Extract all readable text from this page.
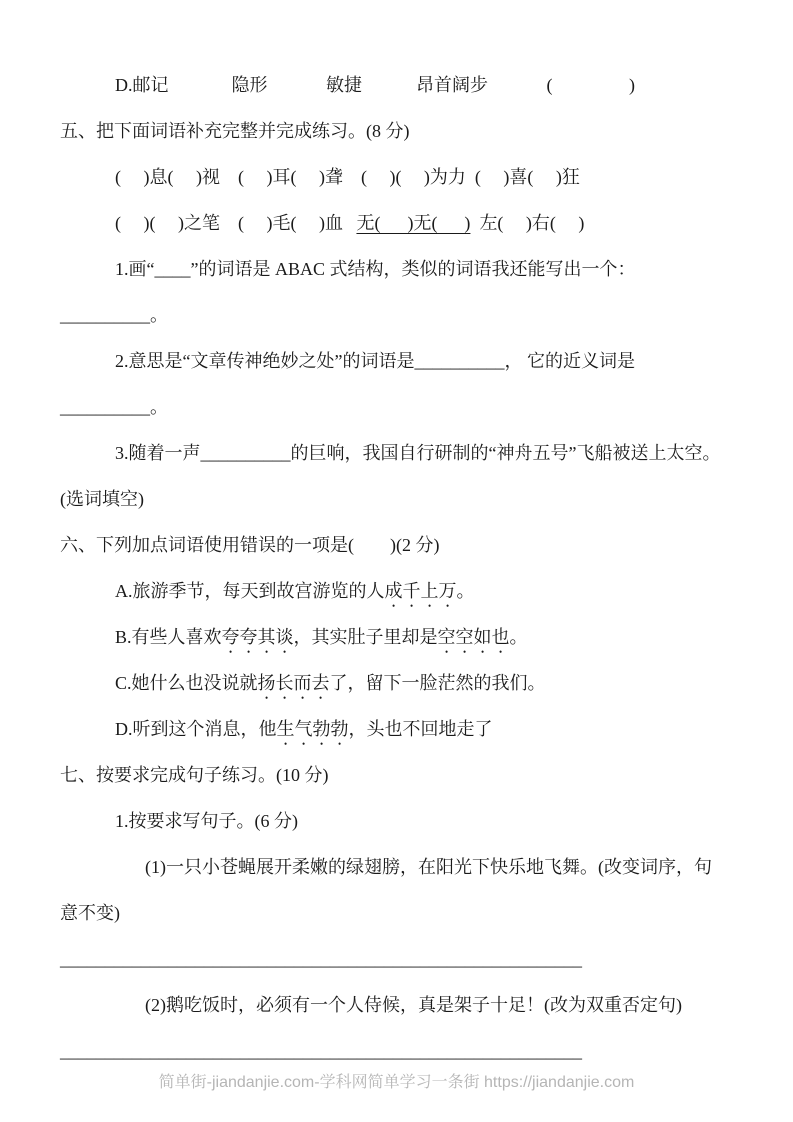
D.邮记              隐形             敏捷            昂首阔步             (                 )
五、把下面词语补充完整并完成练习。(8 分)
(     )息(     )视    (     )耳(     )聋    (     )(     )为力  (     )喜(     )狂
(     )(     )之笔    (     )毛(     )血   无(      )无(      )  左(     )右(     )
1.画“____”的词语是 ABAC 式结构，类似的词语我还能写出一个：
__________。
2.意思是“文章传神绝妙之处”的词语是__________， 它的近义词是
__________。
3.随着一声__________的巨响，我国自行研制的“神舟五号”飞船被送上太空。
(选词填空)
六、下列加点词语使用错误的一项是(        )(2 分)
A.旅游季节，每天到故宫游览的人成千上万。
B.有些人喜欢夸夸其谈，其实肚子里却是空空如也。
C.她什么也没说就扬长而去了，留下一脸茫然的我们。
D.听到这个消息，他生气勃勃，头也不回地走了
七、按要求完成句子练习。(10 分)
1.按要求写句子。(6 分)
(1)一只小苍蝇展开柔嫩的绿翅膀，在阳光下快乐地飞舞。(改变词序，句
意不变)
__________________________________________________________
(2)鹅吃饭时，必须有一个人侍候，真是架子十足！(改为双重否定句)
__________________________________________________________
简单街-jiandanjie.com-学科网简单学习一条街 https://jiandanjie.com
